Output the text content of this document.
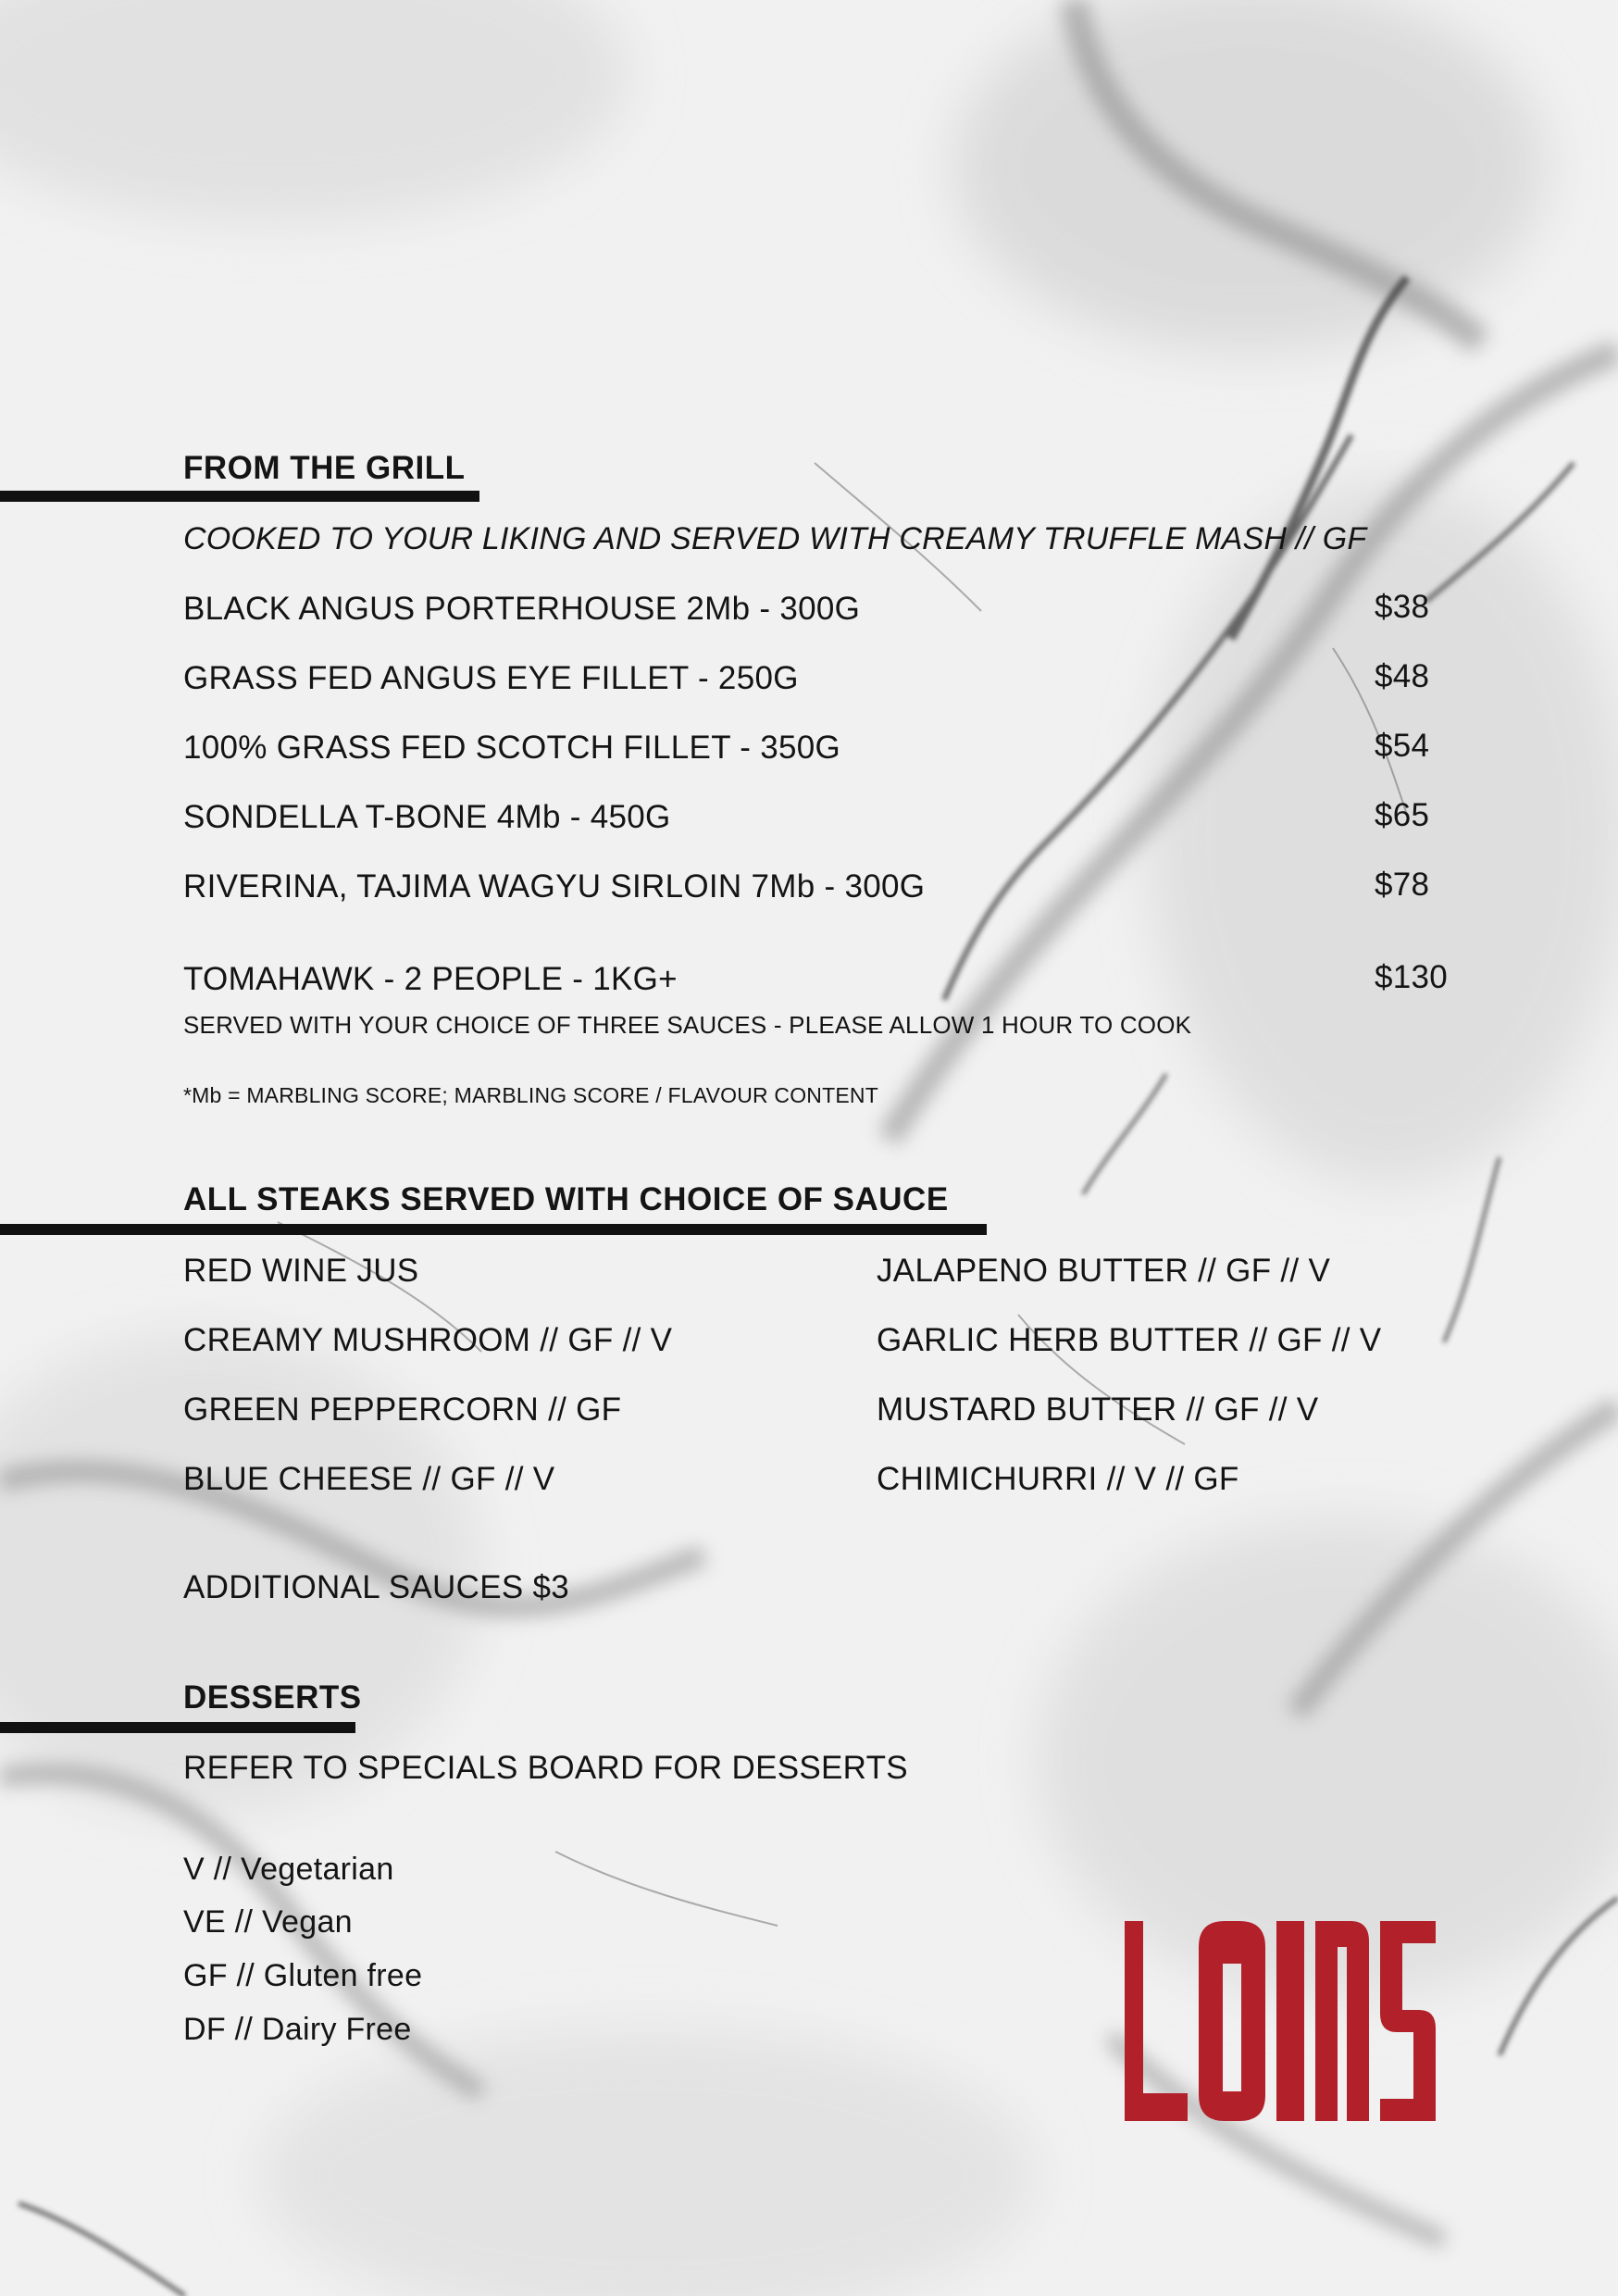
FROM THE GRILL
COOKED TO YOUR LIKING AND SERVED WITH CREAMY TRUFFLE MASH // GF
BLACK ANGUS PORTERHOUSE 2Mb - 300G	$38
GRASS FED ANGUS EYE FILLET - 250G	$48
100% GRASS FED SCOTCH FILLET - 350G	$54
SONDELLA T-BONE 4Mb - 450G	$65
RIVERINA, TAJIMA WAGYU SIRLOIN 7Mb - 300G	$78
TOMAHAWK - 2 PEOPLE - 1KG+	$130
SERVED WITH YOUR CHOICE OF THREE SAUCES - PLEASE ALLOW 1 HOUR TO COOK
*Mb = MARBLING SCORE; MARBLING SCORE / FLAVOUR CONTENT
ALL STEAKS SERVED WITH CHOICE OF SAUCE
RED WINE JUS
CREAMY MUSHROOM // GF // V
GREEN PEPPERCORN // GF
BLUE CHEESE // GF // V
JALAPENO BUTTER // GF // V
GARLIC HERB BUTTER // GF // V
MUSTARD BUTTER // GF // V
CHIMICHURRI // V // GF
ADDITIONAL SAUCES $3
DESSERTS
REFER TO SPECIALS BOARD FOR DESSERTS
V // Vegetarian
VE // Vegan
GF // Gluten free
DF // Dairy Free
